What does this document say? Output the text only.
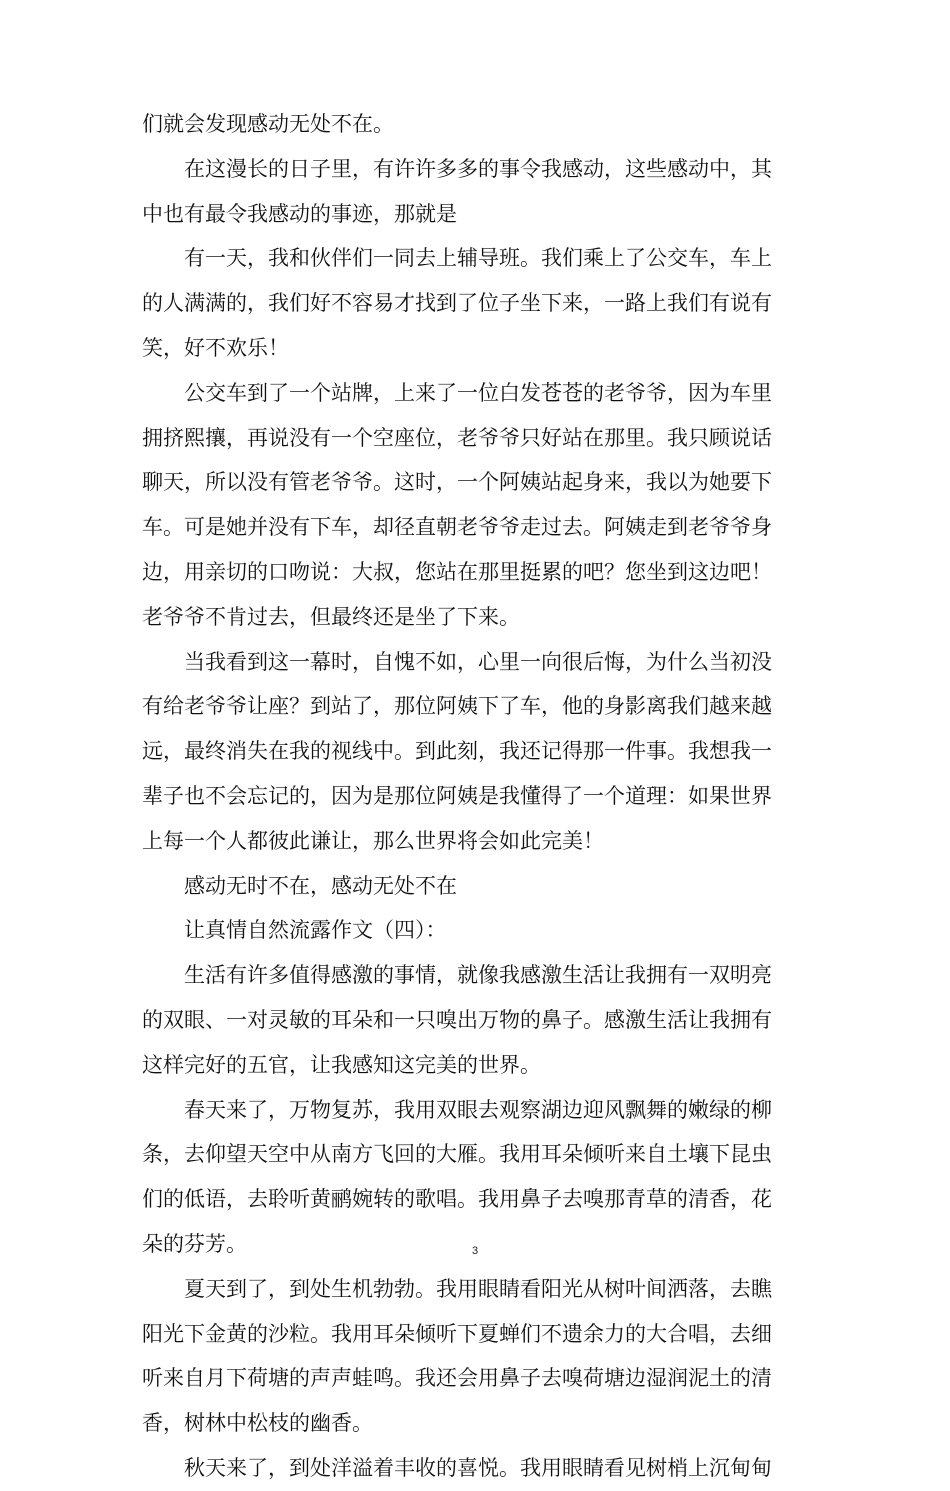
们就会发现感动无处不在。
在这漫长的日子里，有许许多多的事令我感动，这些感动中，其
中也有最令我感动的事迹，那就是
有一天，我和伙伴们一同去上辅导班。我们乘上了公交车，车上
的人满满的，我们好不容易才找到了位子坐下来，一路上我们有说有
笑，好不欢乐！
公交车到了一个站牌，上来了一位白发苍苍的老爷爷，因为车里
拥挤熙攘，再说没有一个空座位，老爷爷只好站在那里。我只顾说话
聊天，所以没有管老爷爷。这时，一个阿姨站起身来，我以为她要下
车。可是她并没有下车，却径直朝老爷爷走过去。阿姨走到老爷爷身
边，用亲切的口吻说：大叔，您站在那里挺累的吧？您坐到这边吧！
老爷爷不肯过去，但最终还是坐了下来。
当我看到这一幕时，自愧不如，心里一向很后悔，为什么当初没
有给老爷爷让座？到站了，那位阿姨下了车，他的身影离我们越来越
远，最终消失在我的视线中。到此刻，我还记得那一件事。我想我一
辈子也不会忘记的，因为是那位阿姨是我懂得了一个道理：如果世界
上每一个人都彼此谦让，那么世界将会如此完美！
感动无时不在，感动无处不在
让真情自然流露作文（四）：
生活有许多值得感激的事情，就像我感激生活让我拥有一双明亮
的双眼、一对灵敏的耳朵和一只嗅出万物的鼻子。感激生活让我拥有
这样完好的五官，让我感知这完美的世界。
春天来了，万物复苏，我用双眼去观察湖边迎风飘舞的嫩绿的柳
条，去仰望天空中从南方飞回的大雁。我用耳朵倾听来自土壤下昆虫
们的低语，去聆听黄鹂婉转的歌唱。我用鼻子去嗅那青草的清香，花
朵的芬芳。
夏天到了，到处生机勃勃。我用眼睛看阳光从树叶间洒落，去瞧
阳光下金黄的沙粒。我用耳朵倾听下夏蝉们不遗余力的大合唱，去细
听来自月下荷塘的声声蛙鸣。我还会用鼻子去嗅荷塘边湿润泥土的清
香，树林中松枝的幽香。
秋天来了，到处洋溢着丰收的喜悦。我用眼睛看见树梢上沉甸甸
3
